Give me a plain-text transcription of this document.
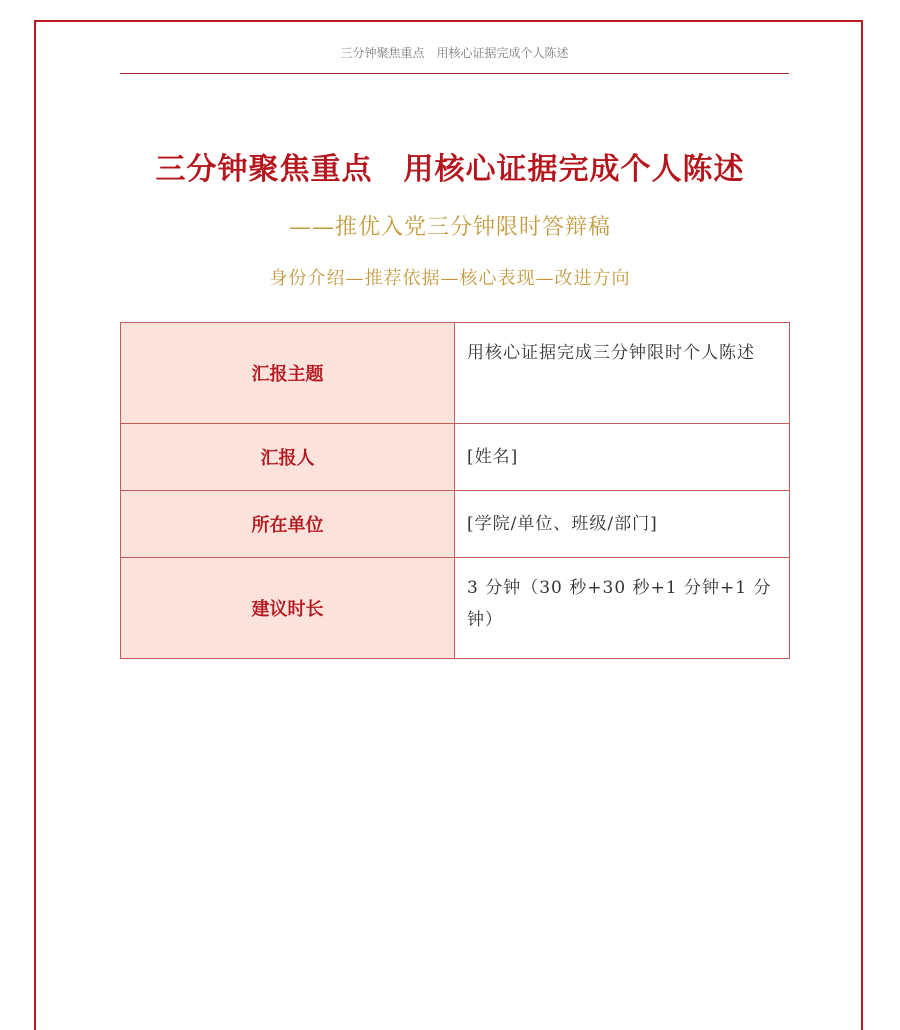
三分钟聚焦重点　用核心证据完成个人陈述
三分钟聚焦重点　用核心证据完成个人陈述
——推优入党三分钟限时答辩稿
身份介绍—推荐依据—核心表现—改进方向
汇报主题	用核心证据完成三分钟限时个人陈述
汇报人	[姓名]
所在单位	[学院/单位、班级/部门]
建议时长	3 分钟（30 秒+30 秒+1 分钟+1 分钟）
